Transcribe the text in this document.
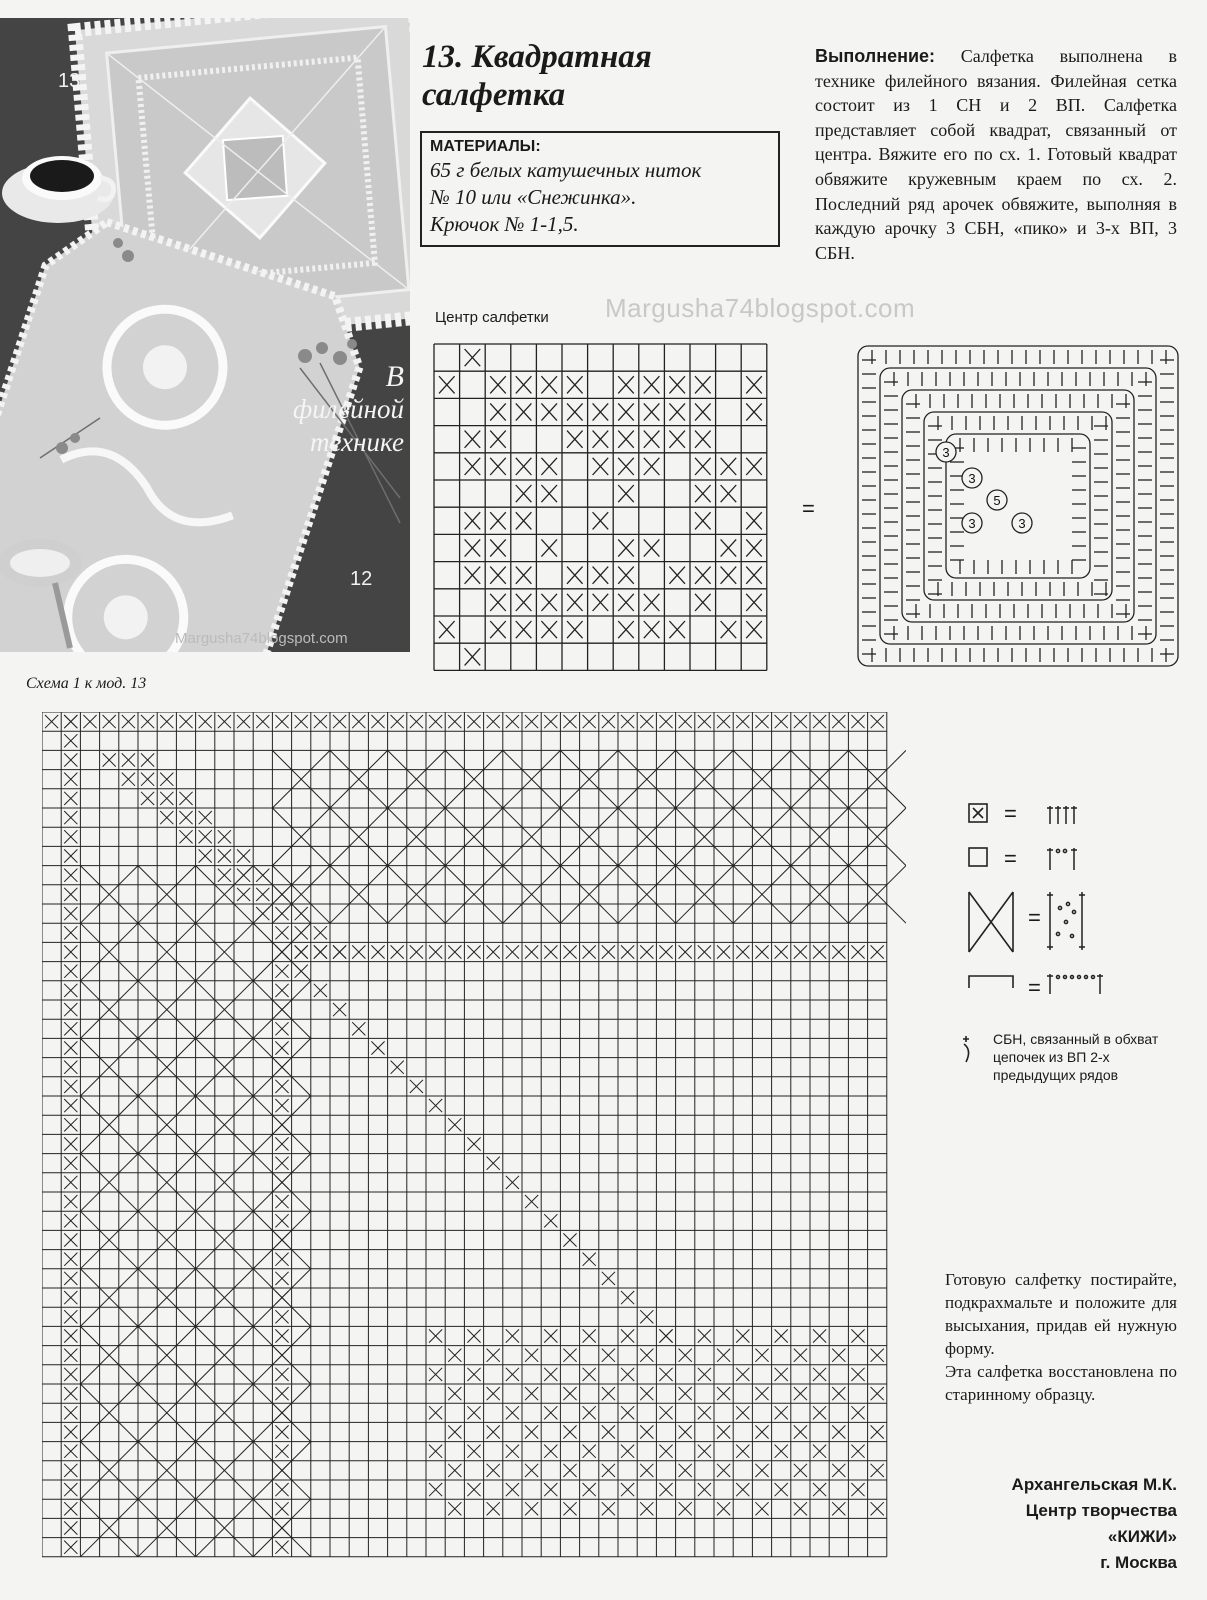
13
12
В
филейной
технике
Margusha74blogspot.com
13. Квадратная
салфетка
МАТЕРИАЛЫ:
65 г белых катушечных ниток
№ 10 или «Снежинка».
Крючок № 1-1,5.
Выполнение: Салфетка выполнена в технике филейного вязания. Филейная сетка состоит из 1 СН и 2 ВП. Салфетка представляет собой квадрат, связанный от центра. Вяжите его по сх. 1. Готовый квадрат обвяжите кружевным краем по сх. 2. Последний ряд арочек обвяжите, выполняя в каждую арочку 3 СБН, «пико» и 3-х ВП, 3 СБН.
Margusha74blogspot.com
Центр салфетки
=
3
3
5
3	3
Схема 1 к мод. 13
=
=
=
=
СБН, связанный в обхват цепочек из ВП 2-х предыдущих рядов
Готовую салфетку постирайте, подкрахмальте и положите для высыхания, придав ей нужную форму.
Эта салфетка восстановлена по старинному образцу.
Архангельская М.К.
Центр творчества
«КИЖИ»
г. Москва
